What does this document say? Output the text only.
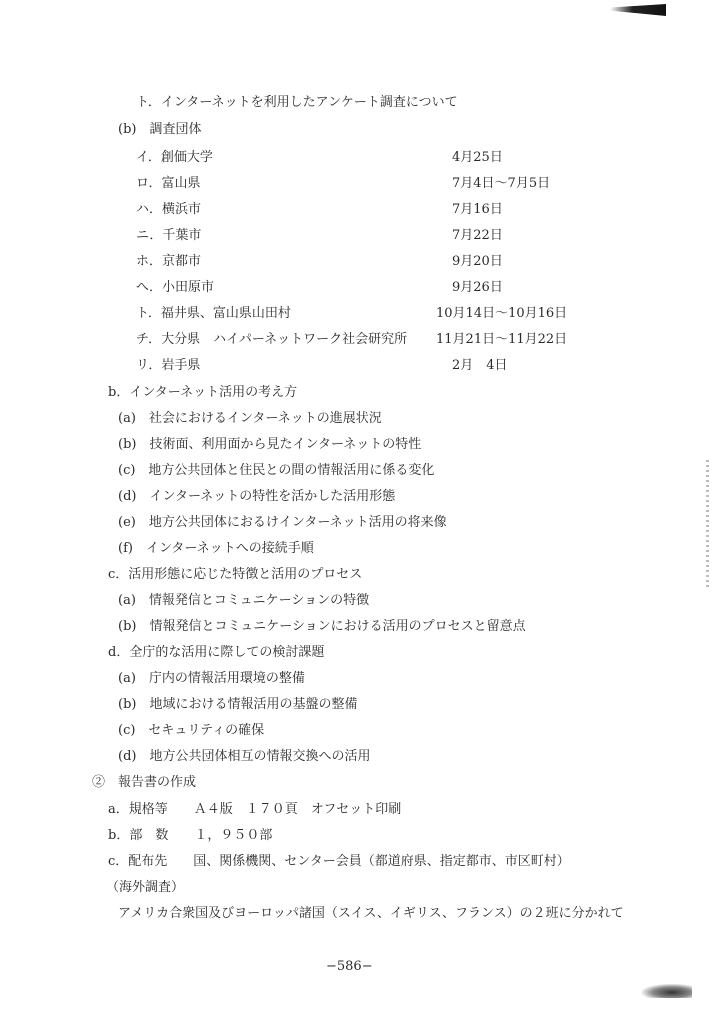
ト．インターネットを利用したアンケート調査について
(b)　調査団体
イ．創価大学	4月25日
ロ．富山県	7月4日～7月5日
ハ．横浜市	7月16日
ニ．千葉市	7月22日
ホ．京都市	9月20日
へ．小田原市	9月26日
ト．福井県、富山県山田村	10月14日～10月16日
チ．大分県　ハイパーネットワーク社会研究所 11月21日～11月22日
リ．岩手県	2月　4日
b．インターネット活用の考え方
(a)　社会におけるインターネットの進展状況
(b)　技術面、利用面から見たインターネットの特性
(c)　地方公共団体と住民との間の情報活用に係る変化
(d)　インターネットの特性を活かした活用形態
(e)　地方公共団体におるけインターネット活用の将来像
(f)　インターネットへの接続手順
c．活用形態に応じた特徴と活用のプロセス
(a)　情報発信とコミュニケーションの特徴
(b)　情報発信とコミュニケーションにおける活用のプロセスと留意点
d．全庁的な活用に際しての検討課題
(a)　庁内の情報活用環境の整備
(b)　地域における情報活用の基盤の整備
(c)　セキュリティの確保
(d)　地方公共団体相互の情報交換への活用
②　報告書の作成
a．規格等　　Ａ４版　１７０頁　オフセット印刷
b．部　数　　１，９５０部
c．配布先　　国、関係機関、センター会員（都道府県、指定都市、市区町村）
（海外調査）
アメリカ合衆国及びヨーロッパ諸国（スイス、イギリス、フランス）の２班に分かれて
−586−
